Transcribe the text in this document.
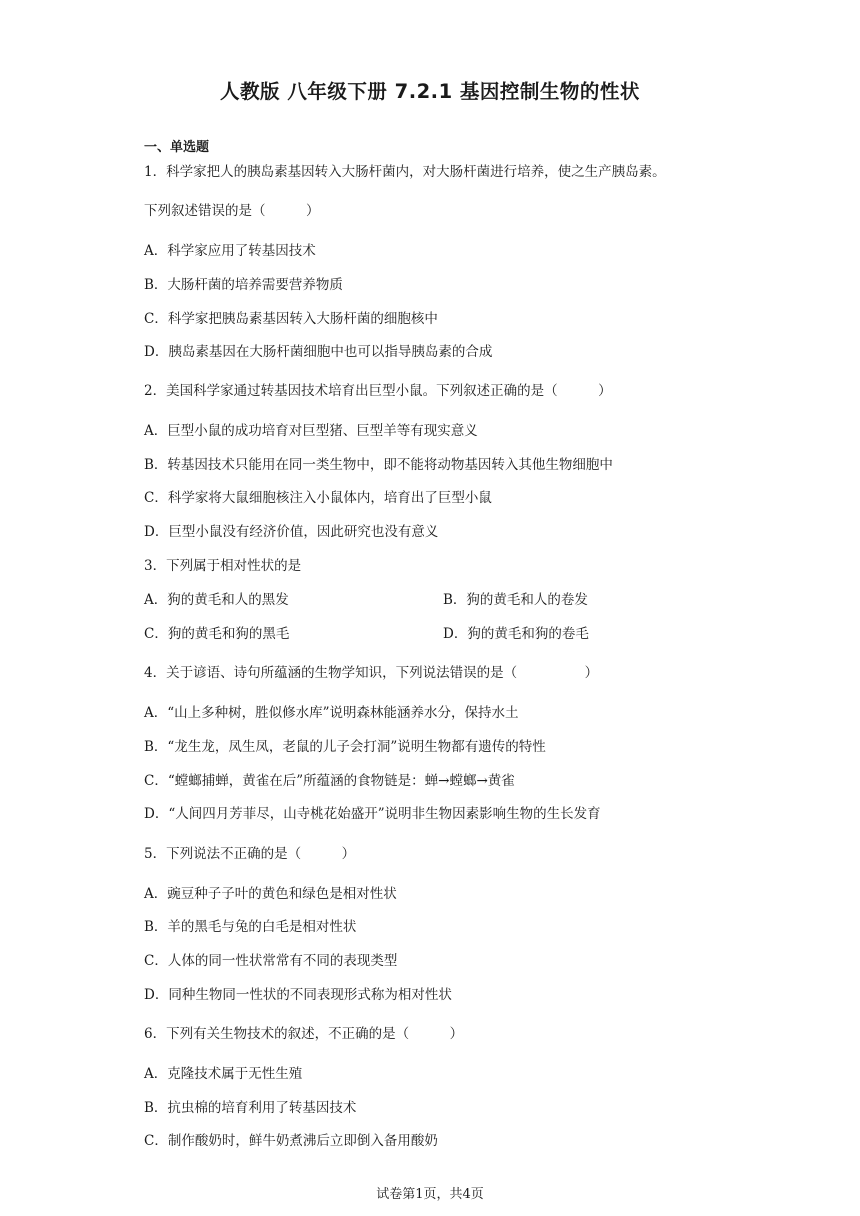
人教版 八年级下册 7.2.1 基因控制生物的性状
一、单选题
1．科学家把人的胰岛素基因转入大肠杆菌内，对大肠杆菌进行培养，使之生产胰岛素。
下列叙述错误的是（　　　）
A．科学家应用了转基因技术
B．大肠杆菌的培养需要营养物质
C．科学家把胰岛素基因转入大肠杆菌的细胞核中
D．胰岛素基因在大肠杆菌细胞中也可以指导胰岛素的合成
2．美国科学家通过转基因技术培育出巨型小鼠。下列叙述正确的是（　　　）
A．巨型小鼠的成功培育对巨型猪、巨型羊等有现实意义
B．转基因技术只能用在同一类生物中，即不能将动物基因转入其他生物细胞中
C．科学家将大鼠细胞核注入小鼠体内，培育出了巨型小鼠
D．巨型小鼠没有经济价值，因此研究也没有意义
3．下列属于相对性状的是
A．狗的黄毛和人的黑发	B．狗的黄毛和人的卷发
C．狗的黄毛和狗的黑毛	D．狗的黄毛和狗的卷毛
4．关于谚语、诗句所蕴涵的生物学知识，下列说法错误的是（　　　　　）
A．“山上多种树，胜似修水库”说明森林能涵养水分，保持水土
B．“龙生龙，凤生凤，老鼠的儿子会打洞”说明生物都有遗传的特性
C．“螳螂捕蝉，黄雀在后”所蕴涵的食物链是：蝉→螳螂→黄雀
D．“人间四月芳菲尽，山寺桃花始盛开”说明非生物因素影响生物的生长发育
5．下列说法不正确的是（　　　）
A．豌豆种子子叶的黄色和绿色是相对性状
B．羊的黑毛与兔的白毛是相对性状
C．人体的同一性状常常有不同的表现类型
D．同种生物同一性状的不同表现形式称为相对性状
6．下列有关生物技术的叙述，不正确的是（　　　）
A．克隆技术属于无性生殖
B．抗虫棉的培育利用了转基因技术
C．制作酸奶时，鲜牛奶煮沸后立即倒入备用酸奶
试卷第1页，共4页
